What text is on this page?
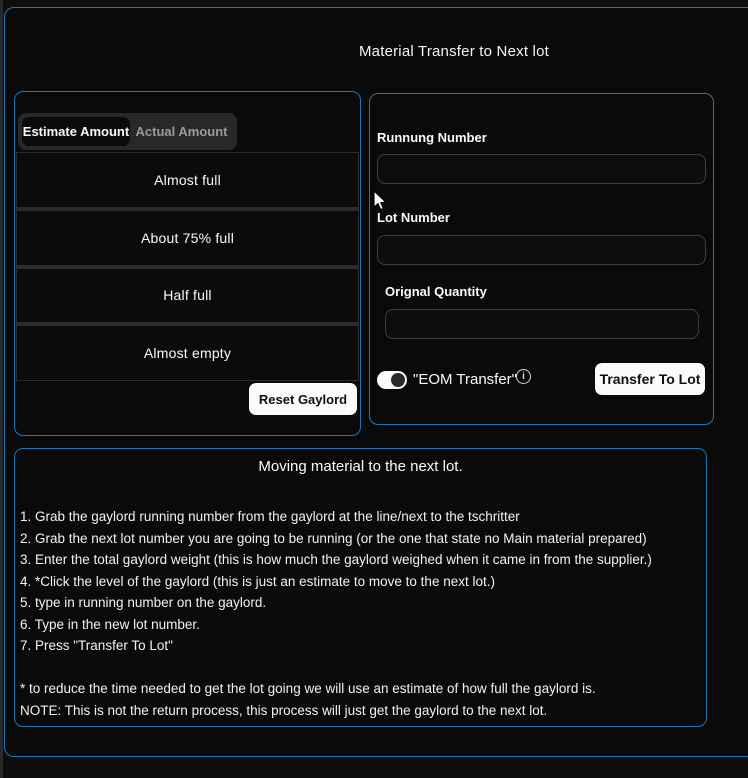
Material Transfer to Next lot
Estimate Amount Actual Amount
Almost full
About 75% full
Half full
Almost empty
Reset Gaylord
Runnung Number
Lot Number
Orignal Quantity
"EOM Transfer" i	Transfer To Lot
Moving material to the next lot.
1. Grab the gaylord running number from the gaylord at the line/next to the tschritter
2. Grab the next lot number you are going to be running (or the one that state no Main material prepared)
3. Enter the total gaylord weight (this is how much the gaylord weighed when it came in from the supplier.)
4. *Click the level of the gaylord (this is just an estimate to move to the next lot.)
5. type in running number on the gaylord.
6. Type in the new lot number.
7. Press "Transfer To Lot"
* to reduce the time needed to get the lot going we will use an estimate of how full the gaylord is.
NOTE: This is not the return process, this process will just get the gaylord to the next lot.
